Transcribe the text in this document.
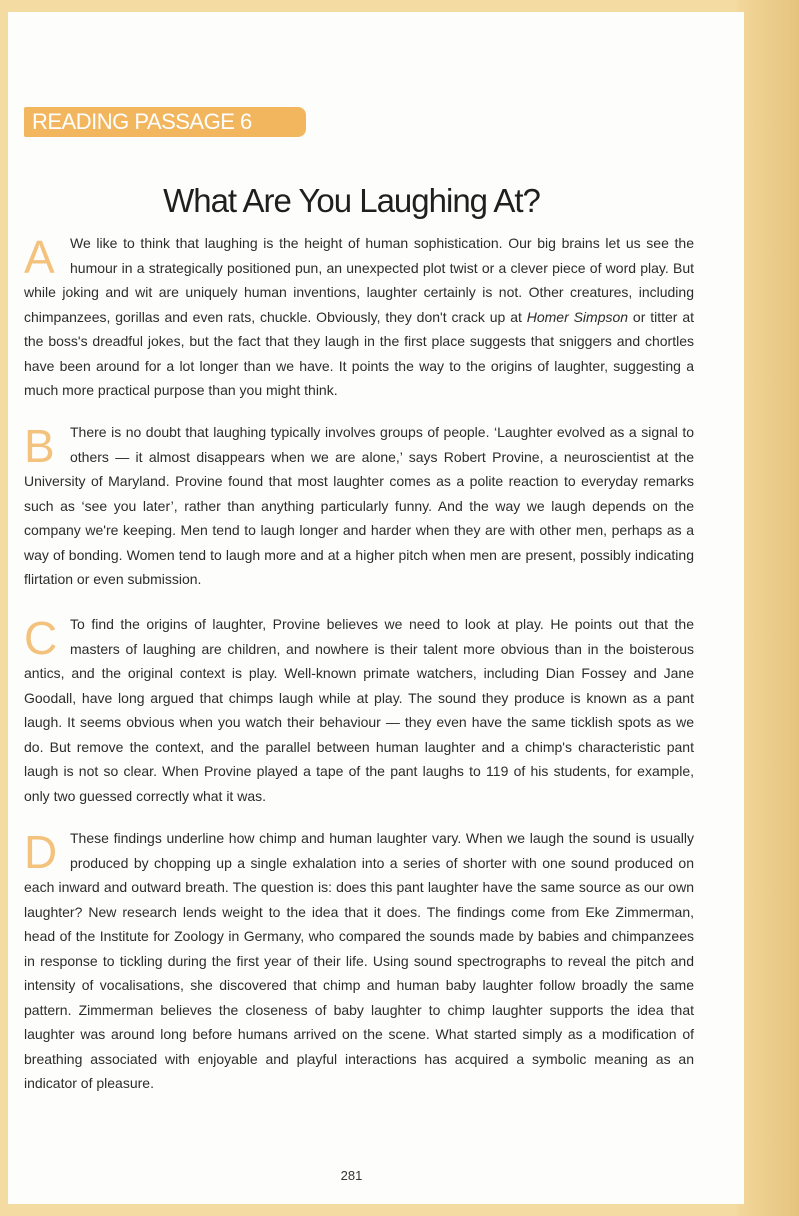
READING PASSAGE 6
What Are You Laughing At?

A We like to think that laughing is the height of human sophistication. Our big brains let us see the humour in a strategically positioned pun, an unexpected plot twist or a clever piece of word play. But while joking and wit are uniquely human inventions, laughter certainly is not. Other creatures, including chimpanzees, gorillas and even rats, chuckle. Obviously, they don't crack up at Homer Simpson or titter at the boss's dreadful jokes, but the fact that they laugh in the first place suggests that sniggers and chortles have been around for a lot longer than we have. It points the way to the origins of laughter, suggesting a much more practical purpose than you might think.

B There is no doubt that laughing typically involves groups of people. ‘Laughter evolved as a signal to others — it almost disappears when we are alone,’ says Robert Provine, a neuroscientist at the University of Maryland. Provine found that most laughter comes as a polite reaction to everyday remarks such as ‘see you later’, rather than anything particularly funny. And the way we laugh depends on the company we're keeping. Men tend to laugh longer and harder when they are with other men, perhaps as a way of bonding. Women tend to laugh more and at a higher pitch when men are present, possibly indicating flirtation or even submission.

C To find the origins of laughter, Provine believes we need to look at play. He points out that the masters of laughing are children, and nowhere is their talent more obvious than in the boisterous antics, and the original context is play. Well-known primate watchers, including Dian Fossey and Jane Goodall, have long argued that chimps laugh while at play. The sound they produce is known as a pant laugh. It seems obvious when you watch their behaviour — they even have the same ticklish spots as we do. But remove the context, and the parallel between human laughter and a chimp's characteristic pant laugh is not so clear. When Provine played a tape of the pant laughs to 119 of his students, for example, only two guessed correctly what it was.

D These findings underline how chimp and human laughter vary. When we laugh the sound is usually produced by chopping up a single exhalation into a series of shorter with one sound produced on each inward and outward breath. The question is: does this pant laughter have the same source as our own laughter? New research lends weight to the idea that it does. The findings come from Eke Zimmerman, head of the Institute for Zoology in Germany, who compared the sounds made by babies and chimpanzees in response to tickling during the first year of their life. Using sound spectrographs to reveal the pitch and intensity of vocalisations, she discovered that chimp and human baby laughter follow broadly the same pattern. Zimmerman believes the closeness of baby laughter to chimp laughter supports the idea that laughter was around long before humans arrived on the scene. What started simply as a modification of breathing associated with enjoyable and playful interactions has acquired a symbolic meaning as an indicator of pleasure.

281
